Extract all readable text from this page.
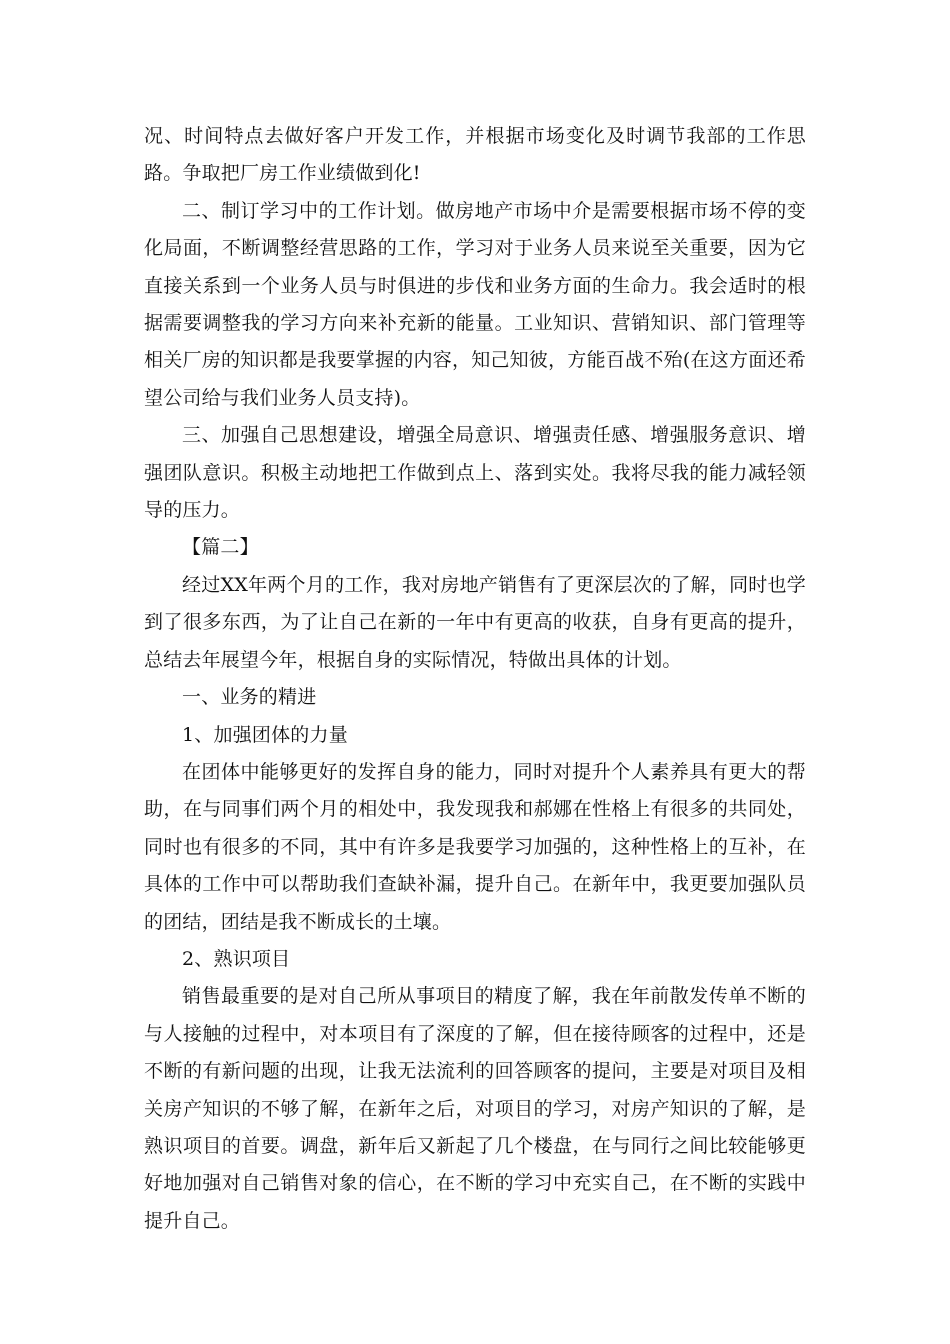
况、时间特点去做好客户开发工作，并根据市场变化及时调节我部的工作思路。争取把厂房工作业绩做到化!

二、制订学习中的工作计划。做房地产市场中介是需要根据市场不停的变化局面，不断调整经营思路的工作，学习对于业务人员来说至关重要，因为它直接关系到一个业务人员与时俱进的步伐和业务方面的生命力。我会适时的根据需要调整我的学习方向来补充新的能量。工业知识、营销知识、部门管理等相关厂房的知识都是我要掌握的内容，知己知彼，方能百战不殆(在这方面还希望公司给与我们业务人员支持)。

三、加强自己思想建设，增强全局意识、增强责任感、增强服务意识、增强团队意识。积极主动地把工作做到点上、落到实处。我将尽我的能力减轻领导的压力。

【篇二】

经过XX年两个月的工作，我对房地产销售有了更深层次的了解，同时也学到了很多东西，为了让自己在新的一年中有更高的收获，自身有更高的提升，总结去年展望今年，根据自身的实际情况，特做出具体的计划。

一、业务的精进

1、加强团体的力量

在团体中能够更好的发挥自身的能力，同时对提升个人素养具有更大的帮助，在与同事们两个月的相处中，我发现我和郝娜在性格上有很多的共同处，同时也有很多的不同，其中有许多是我要学习加强的，这种性格上的互补，在具体的工作中可以帮助我们查缺补漏，提升自己。在新年中，我更要加强队员的团结，团结是我不断成长的土壤。

2、熟识项目

销售最重要的是对自己所从事项目的精度了解，我在年前散发传单不断的与人接触的过程中，对本项目有了深度的了解，但在接待顾客的过程中，还是不断的有新问题的出现，让我无法流利的回答顾客的提问，主要是对项目及相关房产知识的不够了解，在新年之后，对项目的学习，对房产知识的了解，是熟识项目的首要。调盘，新年后又新起了几个楼盘，在与同行之间比较能够更好地加强对自己销售对象的信心，在不断的学习中充实自己，在不断的实践中提升自己。
